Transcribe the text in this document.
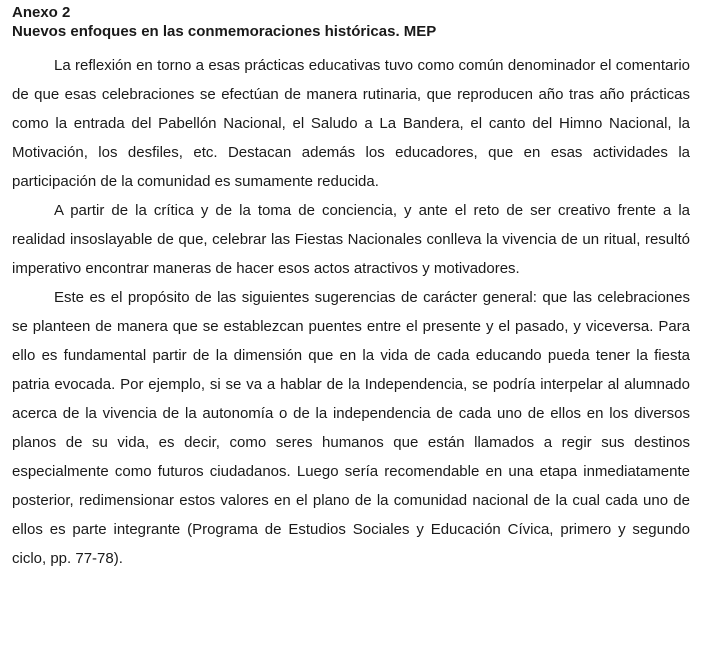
Anexo 2
Nuevos enfoques en las conmemoraciones históricas. MEP

La reflexión en torno a esas prácticas educativas tuvo como común denominador el comentario de que esas celebraciones se efectúan de manera rutinaria, que reproducen año tras año prácticas como la entrada del Pabellón Nacional, el Saludo a La Bandera, el canto del Himno Nacional, la Motivación, los desfiles, etc. Destacan además los educadores, que en esas actividades la participación de la comunidad es sumamente reducida.

A partir de la crítica y de la toma de conciencia, y ante el reto de ser creativo frente a la realidad insoslayable de que, celebrar las Fiestas Nacionales conlleva la vivencia de un ritual, resultó imperativo encontrar maneras de hacer esos actos atractivos y motivadores.

Este es el propósito de las siguientes sugerencias de carácter general: que las celebraciones se planteen de manera que se establezcan puentes entre el presente y el pasado, y viceversa. Para ello es fundamental partir de la dimensión que en la vida de cada educando pueda tener la fiesta patria evocada. Por ejemplo, si se va a hablar de la Independencia, se podría interpelar al alumnado acerca de la vivencia de la autonomía o de la independencia de cada uno de ellos en los diversos planos de su vida, es decir, como seres humanos que están llamados a regir sus destinos especialmente como futuros ciudadanos. Luego sería recomendable en una etapa inmediatamente posterior, redimensionar estos valores en el plano de la comunidad nacional de la cual cada uno de ellos es parte integrante (Programa de Estudios Sociales y Educación Cívica, primero y segundo ciclo, pp. 77-78).
